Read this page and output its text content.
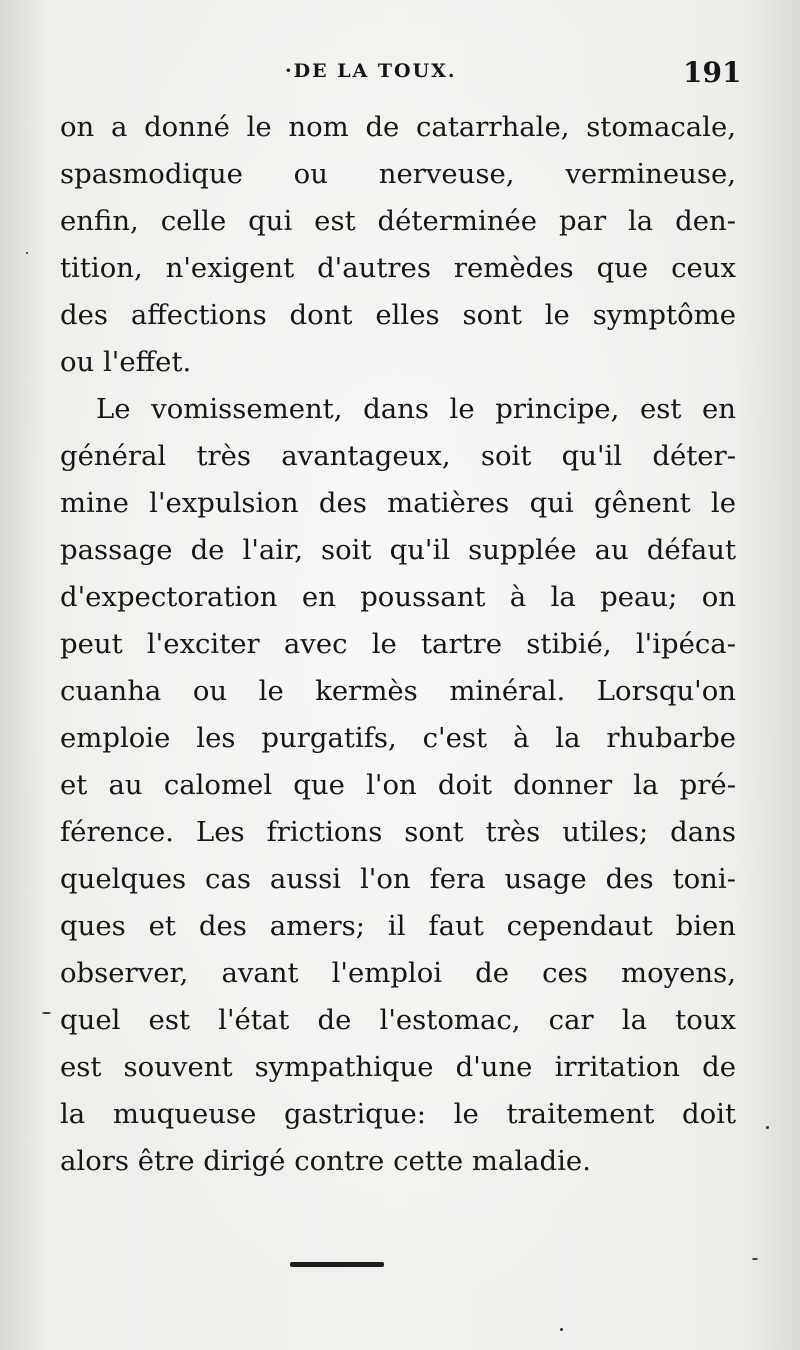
·DE LA TOUX.	191
on a donné le nom de catarrhale, stomacale,
spasmodique ou nerveuse, vermineuse,
enfin, celle qui est déterminée par la den-
tition, n'exigent d'autres remèdes que ceux
des affections dont elles sont le symptôme
ou l'effet.
Le vomissement, dans le principe, est en
général très avantageux, soit qu'il déter-
mine l'expulsion des matières qui gênent le
passage de l'air, soit qu'il supplée au défaut
d'expectoration en poussant à la peau; on
peut l'exciter avec le tartre stibié, l'ipéca-
cuanha ou le kermès minéral. Lorsqu'on
emploie les purgatifs, c'est à la rhubarbe
et au calomel que l'on doit donner la pré-
férence. Les frictions sont très utiles; dans
quelques cas aussi l'on fera usage des toni-
ques et des amers; il faut cependaut bien
observer, avant l'emploi de ces moyens,
quel est l'état de l'estomac, car la toux
est souvent sympathique d'une irritation de
la muqueuse gastrique: le traitement doit
alors être dirigé contre cette maladie.
